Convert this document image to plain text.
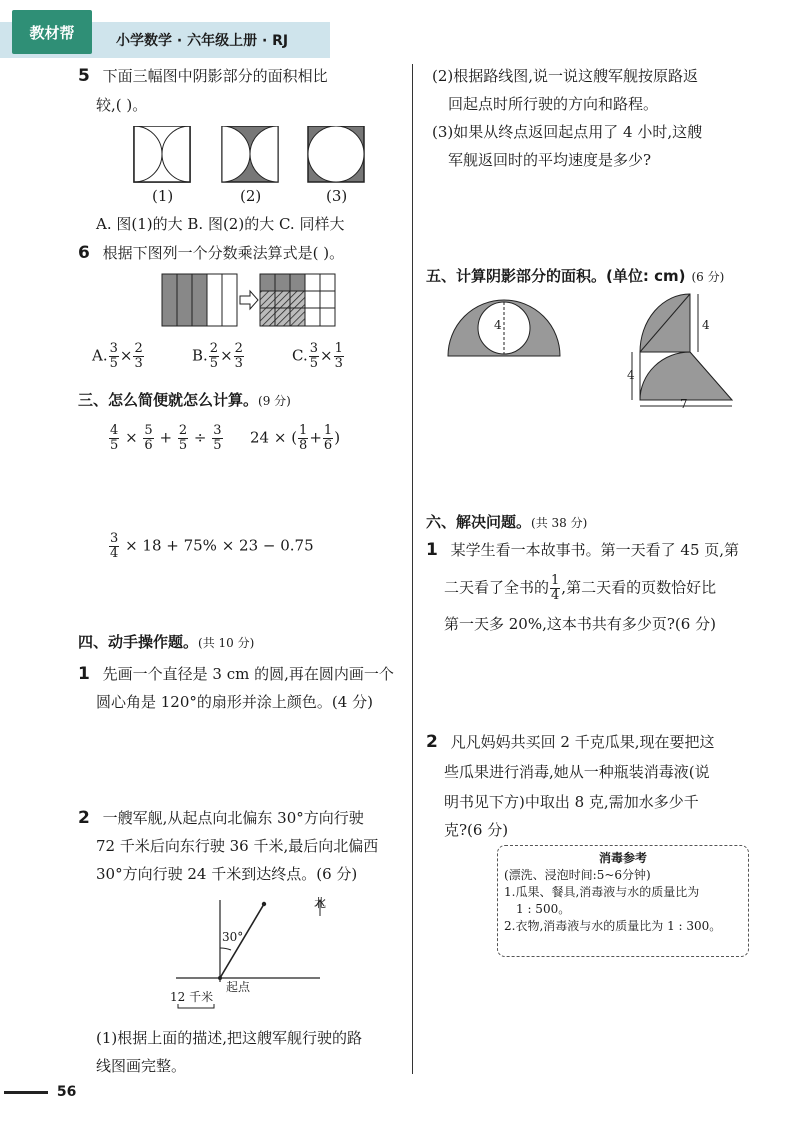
教材帮	小学数学 · 六年级上册 · RJ
5 下面三幅图中阴影部分的面积相比
较,( )。
(1)	(2)	(3)
A. 图(1)的大 B. 图(2)的大 C. 同样大
6 根据下图列一个分数乘法算式是( )。
A. $\frac{3}{5} \times \frac{2}{3}$	B. $\frac{2}{5} \times \frac{2}{3}$	C. $\frac{3}{5} \times \frac{1}{3}$
三、怎么简便就怎么计算。(9 分)
$\frac{4}{5} \times \frac{5}{6} + \frac{2}{5} \div \frac{3}{5} 24$ × ( $\frac{1}{8} + \frac{1}{6}$ )
$\frac{3}{4} \times 18 + 75\% \times 23 - 0.75$
四、动手操作题。(共 10 分)
1 先画一个直径是 3 cm 的圆,再在圆内画一个
圆心角是 120°的扇形并涂上颜色。(4 分)
2 一艘军舰,从起点向北偏东 30°方向行驶
72 千米后向东行驶 36 千米,最后向北偏西
30°方向行驶 24 千米到达终点。(6 分)
北
30°
12 千米
起点
(1)根据上面的描述,把这艘军舰行驶的路
线图画完整。
56
(2)根据路线图,说一说这艘军舰按原路返
回起点时所行驶的方向和路程。
(3)如果从终点返回起点用了 4 小时,这艘
军舰返回时的平均速度是多少?
五、计算阴影部分的面积。(单位: cm) (6 分)
4	4
4
7
六、解决问题。(共 38 分)
1 某学生看一本故事书。第一天看了 45 页,第
二天看了全书的 $\frac{1}{4}$ ,第二天看的页数恰好比
第一天多 20%,这本书共有多少页?(6 分)
2 凡凡妈妈共买回 2 千克瓜果,现在要把这
些瓜果进行消毒,她从一种瓶装消毒液(说
明书见下方)中取出 8 克,需加水多少千
克?(6 分)
消毒参考
(漂洗、浸泡时间:5~6分钟)
1.瓜果、餐具,消毒液与水的质量比为
1 : 500。
2.衣物,消毒液与水的质量比为 1 : 300。
